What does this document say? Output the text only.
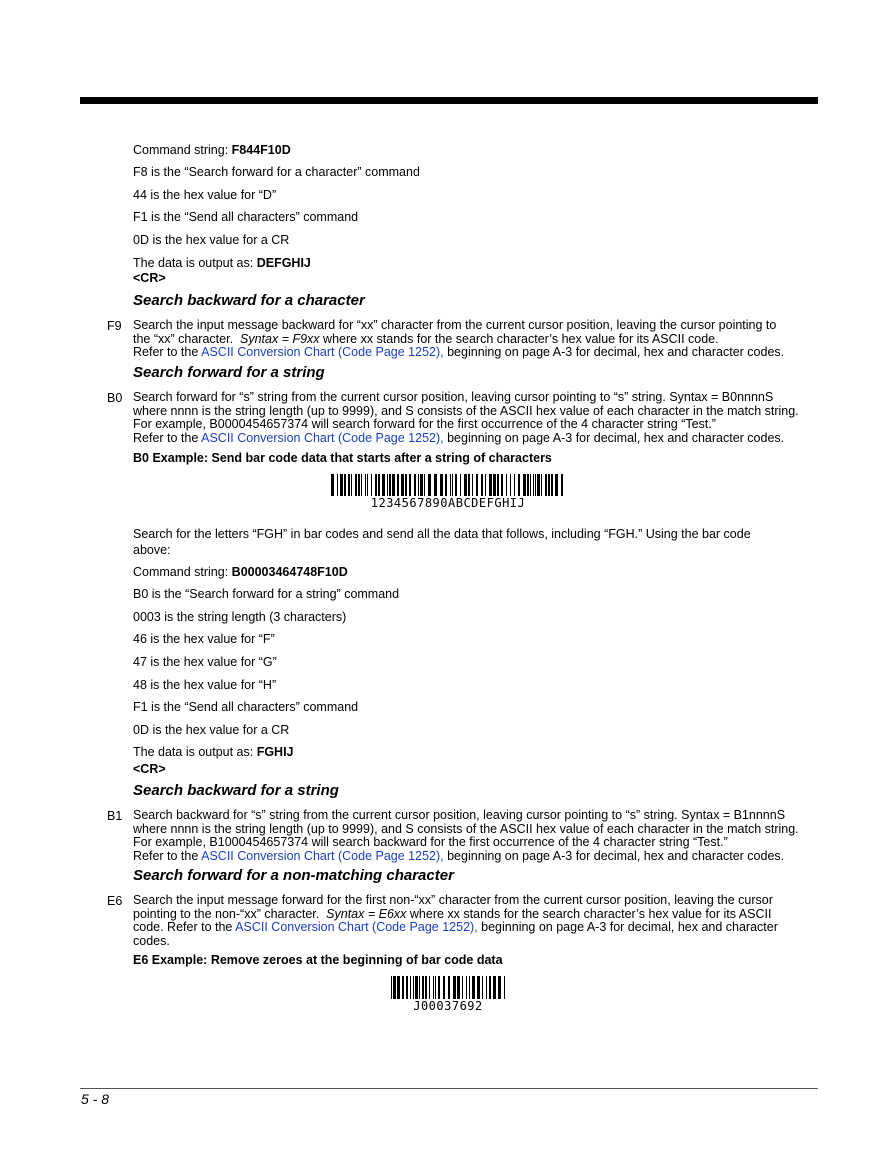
Command string: F844F10D
F8 is the “Search forward for a character” command
44 is the hex value for “D”
F1 is the “Send all characters” command
0D is the hex value for a CR
The data is output as: DEFGHIJ
<CR>
Search backward for a character
F9 Search the input message backward for “xx” character from the current cursor position, leaving the cursor pointing to
the “xx” character. Syntax = F9xx where xx stands for the search character’s hex value for its ASCII code.
Refer to the ASCII Conversion Chart (Code Page 1252), beginning on page A-3 for decimal, hex and character codes.
Search forward for a string
B0 Search forward for “s” string from the current cursor position, leaving cursor pointing to “s” string. Syntax = B0nnnnS
where nnnn is the string length (up to 9999), and S consists of the ASCII hex value of each character in the match string.
For example, B0000454657374 will search forward for the first occurrence of the 4 character string “Test.”
Refer to the ASCII Conversion Chart (Code Page 1252), beginning on page A-3 for decimal, hex and character codes.
B0 Example: Send bar code data that starts after a string of characters
1234567890ABCDEFGHIJ
Search for the letters “FGH” in bar codes and send all the data that follows, including “FGH.” Using the bar code
above:
Command string: B00003464748F10D
B0 is the “Search forward for a string” command
0003 is the string length (3 characters)
46 is the hex value for “F”
47 is the hex value for “G”
48 is the hex value for “H”
F1 is the “Send all characters” command
0D is the hex value for a CR
The data is output as: FGHIJ
<CR>
Search backward for a string
B1 Search backward for “s” string from the current cursor position, leaving cursor pointing to “s” string. Syntax = B1nnnnS
where nnnn is the string length (up to 9999), and S consists of the ASCII hex value of each character in the match string.
For example, B1000454657374 will search backward for the first occurrence of the 4 character string “Test.”
Refer to the ASCII Conversion Chart (Code Page 1252), beginning on page A-3 for decimal, hex and character codes.
Search forward for a non-matching character
E6 Search the input message forward for the first non-“xx” character from the current cursor position, leaving the cursor
pointing to the non-“xx” character. Syntax = E6xx where xx stands for the search character’s hex value for its ASCII
code. Refer to the ASCII Conversion Chart (Code Page 1252), beginning on page A-3 for decimal, hex and character
codes.
E6 Example: Remove zeroes at the beginning of bar code data
J00037692
5 - 8
